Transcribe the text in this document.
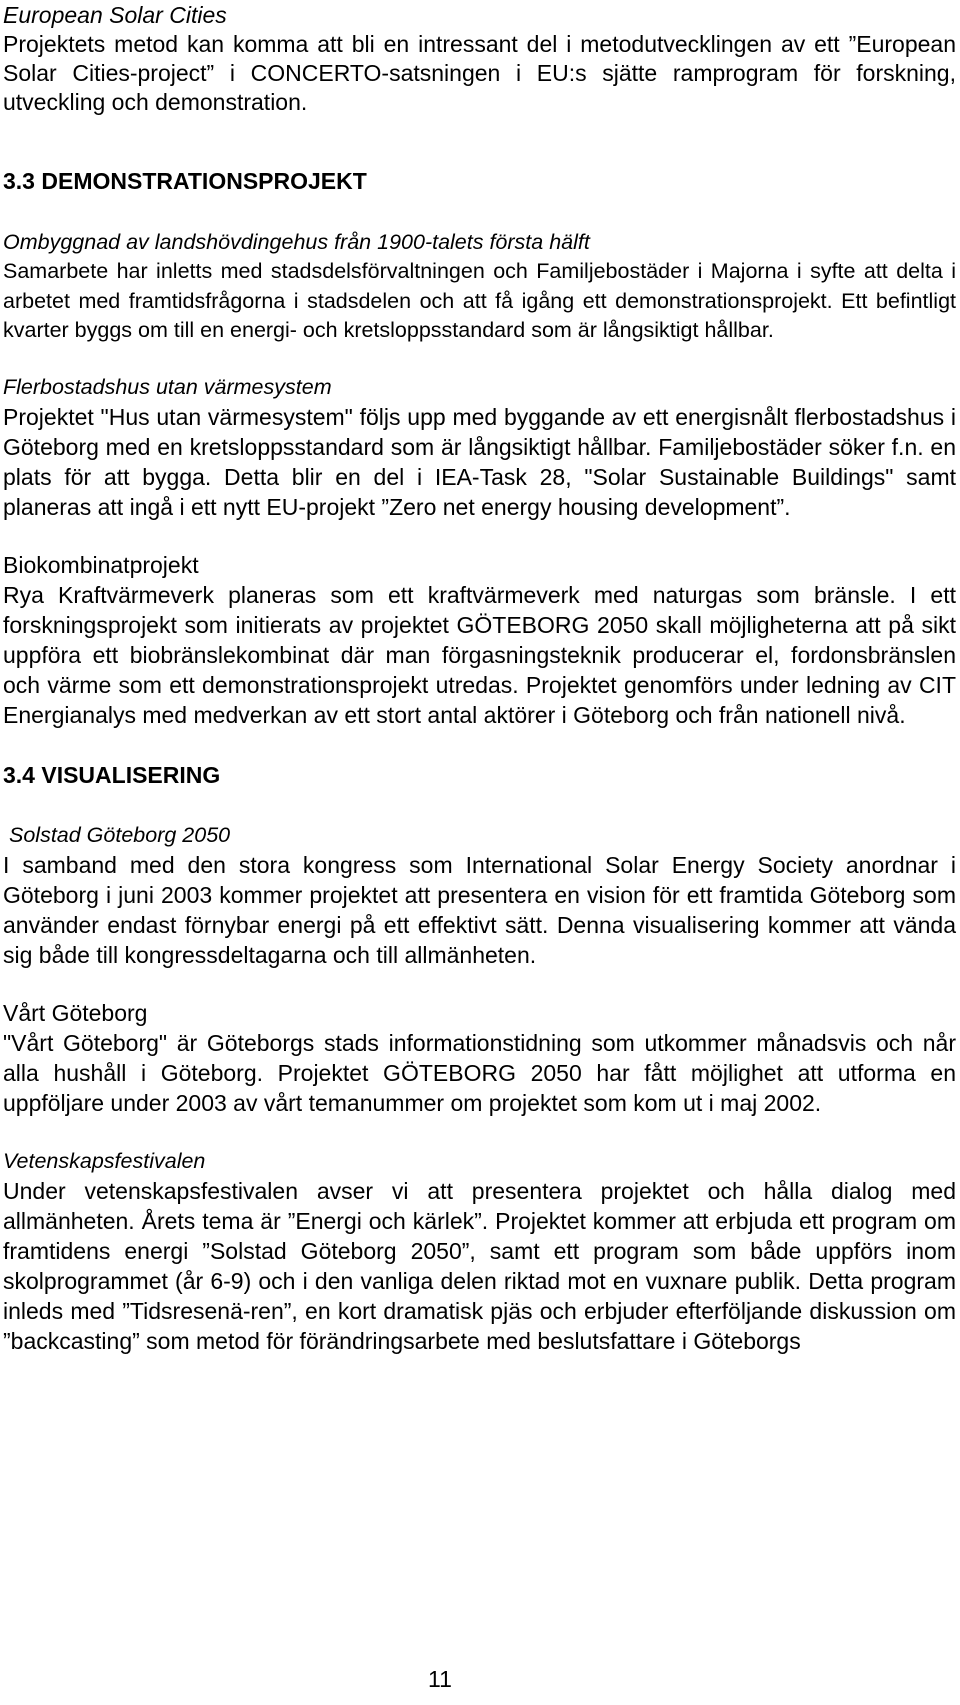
European Solar Cities

Projektets metod kan komma att bli en intressant del i metodutvecklingen av ett ”European Solar Cities-project” i CONCERTO-satsningen i EU:s sjätte ramprogram för forskning, utveckling och demonstration.

3.3 DEMONSTRATIONSPROJEKT

Ombyggnad av landshövdingehus från 1900-talets första hälft

Samarbete har inletts med stadsdelsförvaltningen och Familjebostäder i Majorna i syfte att delta i arbetet med framtidsfrågorna i stadsdelen och att få igång ett demonstrationsprojekt. Ett befintligt kvarter byggs om till en energi- och kretsloppsstandard som är långsiktigt hållbar.

Flerbostadshus utan värmesystem

Projektet "Hus utan värmesystem" följs upp med byggande av ett energisnålt flerbostadshus i Göteborg med en kretsloppsstandard som är långsiktigt hållbar. Familjebostäder söker f.n. en plats för att bygga. Detta blir en del i IEA-Task 28, "Solar Sustainable Buildings" samt planeras att ingå i ett nytt EU-projekt ”Zero net energy housing development”.

Biokombinatprojekt

Rya Kraftvärmeverk planeras som ett kraftvärmeverk med naturgas som bränsle. I ett forskningsprojekt som initierats av projektet GÖTEBORG 2050 skall möjligheterna att på sikt uppföra ett biobränslekombinat där man förgasningsteknik producerar el, fordonsbränslen och värme som ett demonstrationsprojekt utredas. Projektet genomförs under ledning av CIT Energianalys med medverkan av ett stort antal aktörer i Göteborg och från nationell nivå.

3.4 VISUALISERING

Solstad Göteborg 2050

I samband med den stora kongress som International Solar Energy Society anordnar i Göteborg i juni 2003 kommer projektet att presentera en vision för ett framtida Göteborg som använder endast förnybar energi på ett effektivt sätt. Denna visualisering kommer att vända sig både till kongressdeltagarna och till allmänheten.

Vårt Göteborg

"Vårt Göteborg" är Göteborgs stads informationstidning som utkommer månadsvis och når alla hushåll i Göteborg. Projektet GÖTEBORG 2050 har fått möjlighet att utforma en uppföljare under 2003 av vårt temanummer om projektet som kom ut i maj 2002.

Vetenskapsfestivalen

Under vetenskapsfestivalen avser vi att presentera projektet och hålla dialog med allmänheten. Årets tema är ”Energi och kärlek”. Projektet kommer att erbjuda ett program om framtidens energi ”Solstad Göteborg 2050”, samt ett program som både uppförs inom skolprogrammet (år 6-9) och i den vanliga delen riktad mot en vuxnare publik. Detta program inleds med ”Tidsresenä-ren”, en kort dramatisk pjäs och erbjuder efterföljande diskussion om ”backcasting” som metod för förändringsarbete med beslutsfattare i Göteborgs

11
